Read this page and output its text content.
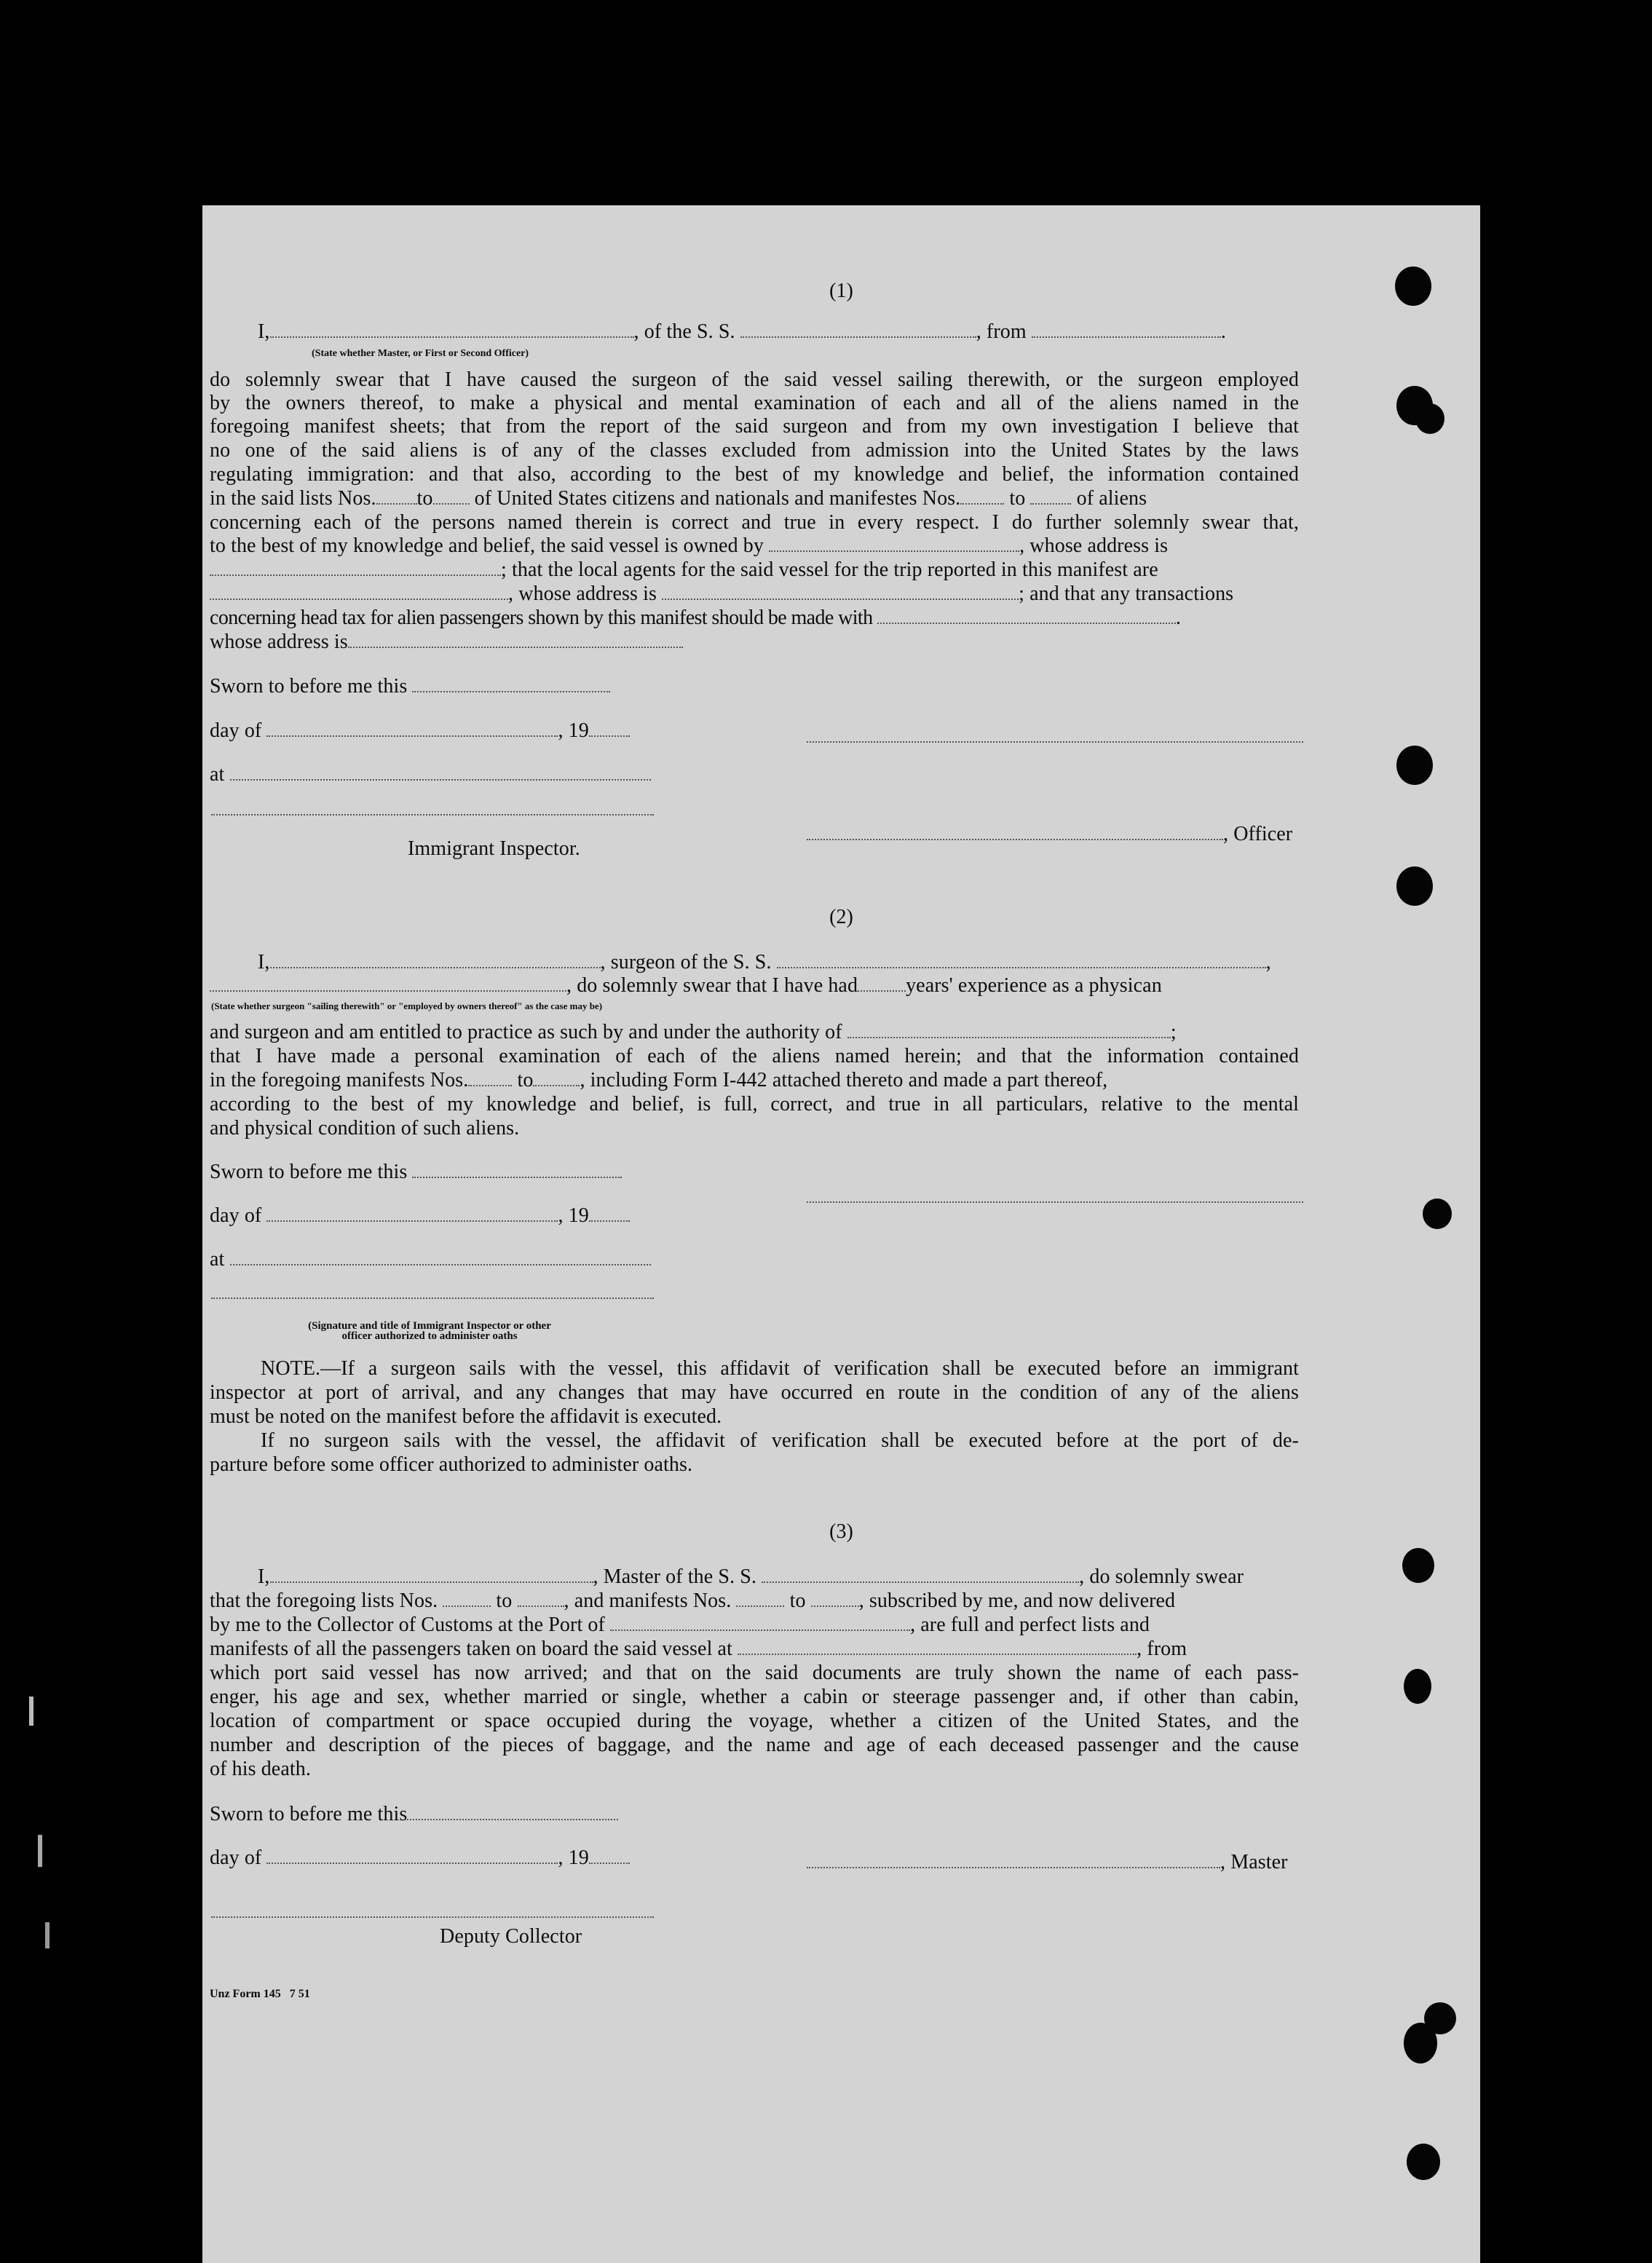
(1)
I,	, of the S. S.	, from	.
(State whether Master, or First or Second Officer)
do solemnly swear that I have caused the surgeon of the said vessel sailing therewith, or the surgeon employed
by the owners thereof, to make a physical and mental examination of each and all of the aliens named in the
foregoing manifest sheets; that from the report of the said surgeon and from my own investigation I believe that
no one of the said aliens is of any of the classes excluded from admission into the United States by the laws
regulating immigration: and that also, according to the best of my knowledge and belief, the information contained
in the said lists Nos. to of United States citizens and nationals and manifestes Nos. to	of aliens
concerning each of the persons named therein is correct and true in every respect. I do further solemnly swear that,
to the best of my knowledge and belief, the said vessel is owned by	, whose address is
; that the local agents for the said vessel for the trip reported in this manifest are
, whose address is	; and that any transactions
concerning head tax for alien passengers shown by this manifest should be made with	.
whose address is
Sworn to before me this
day of	, 19
at
, Officer
Immigrant Inspector.
(2)
I,	, surgeon of the S. S.	,
, do solemnly swear that I have had years' experience as a physican
(State whether surgeon "sailing therewith" or "employed by owners thereof" as the case may be)
and surgeon and am entitled to practice as such by and under the authority of	;
that I have made a personal examination of each of the aliens named herein; and that the information contained
in the foregoing manifests Nos. to , including Form I-442 attached thereto and made a part thereof,
according to the best of my knowledge and belief, is full, correct, and true in all particulars, relative to the mental
and physical condition of such aliens.
Sworn to before me this
day of	, 19
at
(Signature and title of Immigrant Inspector or other
officer authorized to administer oaths
NOTE.—If a surgeon sails with the vessel, this affidavit of verification shall be executed before an immigrant
inspector at port of arrival, and any changes that may have occurred en route in the condition of any of the aliens
must be noted on the manifest before the affidavit is executed.
If no surgeon sails with the vessel, the affidavit of verification shall be executed before at the port of de-
parture before some officer authorized to administer oaths.
(3)
I,	, Master of the S. S.	, do solemnly swear
that the foregoing lists Nos.	to	, and manifests Nos.	to	, subscribed by me, and now delivered
by me to the Collector of Customs at the Port of	, are full and perfect lists and
manifests of all the passengers taken on board the said vessel at	, from
which port said vessel has now arrived; and that on the said documents are truly shown the name of each pass-
enger, his age and sex, whether married or single, whether a cabin or steerage passenger and, if other than cabin,
location of compartment or space occupied during the voyage, whether a citizen of the United States, and the
number and description of the pieces of baggage, and the name and age of each deceased passenger and the cause
of his death.
Sworn to before me this
day of	, 19	, Master
Deputy Collector
Unz Form 145   7 51
